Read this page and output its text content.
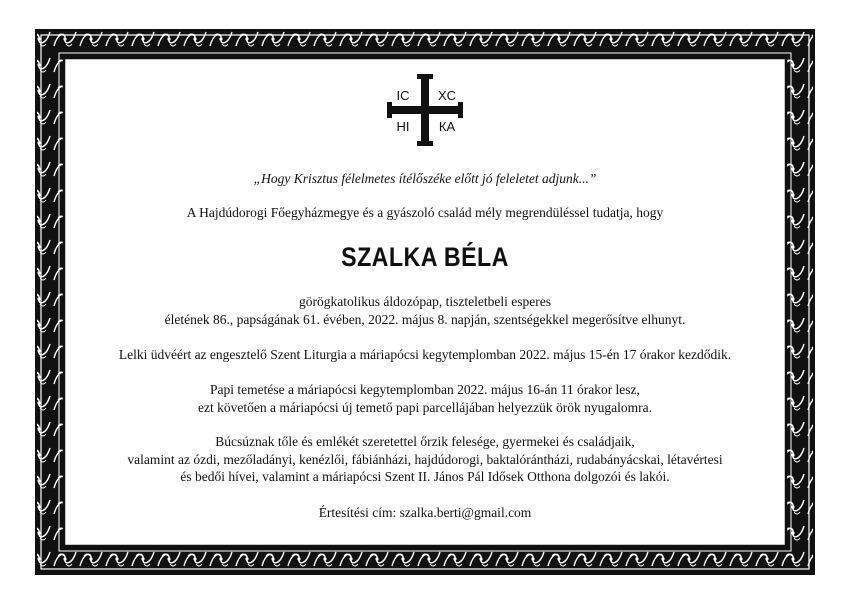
IC XC
НІ КА
„Hogy Krisztus félelmetes ítélőszéke előtt jó feleletet adjunk...”
A Hajdúdorogi Főegyházmegye és a gyászoló család mély megrendüléssel tudatja, hogy
SZALKA BÉLA
görögkatolikus áldozópap, tiszteletbeli esperes
életének 86., papságának 61. évében, 2022. május 8. napján, szentségekkel megerősítve elhunyt.
Lelki üdvéért az engesztelő Szent Liturgia a máriapócsi kegytemplomban 2022. május 15-én 17 órakor kezdődik.
Papi temetése a máriapócsi kegytemplomban 2022. május 16-án 11 órakor lesz,
ezt követően a máriapócsi új temető papi parcellájában helyezzük örök nyugalomra.
Búcsúznak tőle és emlékét szeretettel őrzik felesége, gyermekei és családjaik,
valamint az ózdi, mezőladányi, kenézlői, fábiánházi, hajdúdorogi, baktalórántházi, rudabányácskai, létavértesi
és bedői hívei, valamint a máriapócsi Szent II. János Pál Idősek Otthona dolgozói és lakói.
Értesítési cím: szalka.berti@gmail.com
